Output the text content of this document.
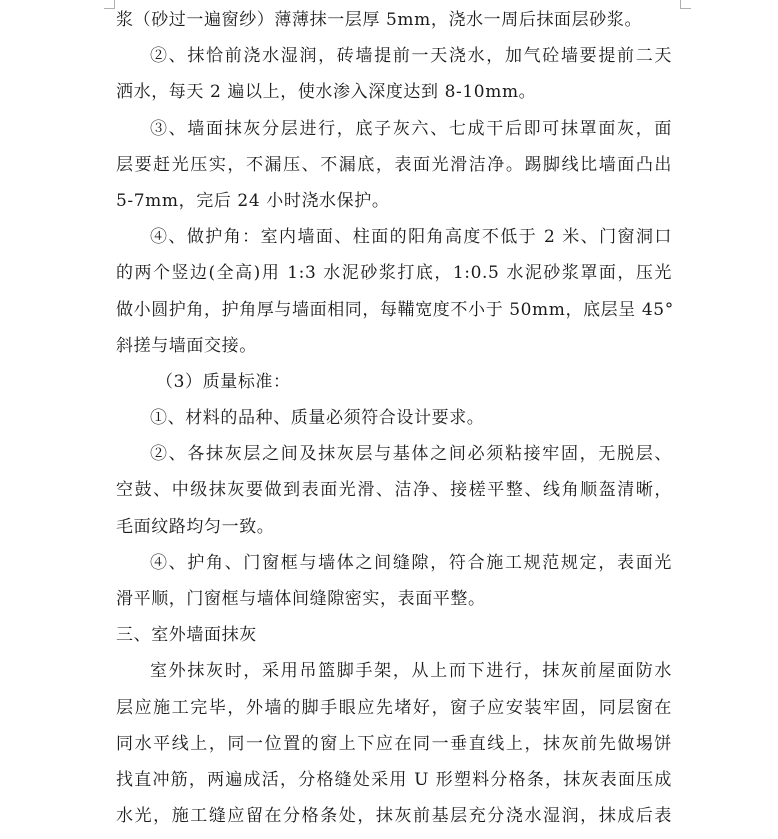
浆（砂过一遍窗纱）薄薄抹一层厚 5mm，浇水一周后抹面层砂浆。
②、抹恰前浇水湿润，砖墙提前一天浇水，加气砼墙要提前二天
洒水，每天 2 遍以上，使水渗入深度达到 8-10mm。
③、墙面抹灰分层进行，底子灰六、七成干后即可抹罩面灰，面
层要赶光压实，不漏压、不漏底，表面光滑洁净。踢脚线比墙面凸出
5-7mm，完后 24 小时浇水保护。
④、做护角：室内墙面、柱面的阳角高度不低于 2 米、门窗洞口
的两个竖边(全高)用 1:3 水泥砂浆打底，1:0.5 水泥砂浆罩面，压光
做小圆护角，护角厚与墙面相同，每鞴宽度不小于 50mm，底层呈 45°
斜搓与墙面交接。
（3）质量标准：
①、材料的品种、质量必须符合设计要求。
②、各抹灰层之间及抹灰层与基体之间必须粘接牢固，无脱层、
空鼓、中级抹灰要做到表面光滑、洁净、接槎平整、线角顺盔清晰，
毛面纹路均匀一致。
④、护角、门窗框与墙体之间缝隙，符合施工规范规定，表面光
滑平顺，门窗框与墙体间缝隙密实，表面平整。
三、室外墙面抹灰
室外抹灰时，采用吊篮脚手架，从上而下进行，抹灰前屋面防水
层应施工完毕，外墙的脚手眼应先堵好，窗子应安装牢固，同层窗在
同水平线上，同一位置的窗上下应在同一垂直线上，抹灰前先做埸饼
找直冲筋，两遍成活，分格缝处采用 U 形塑料分格条，抹灰表面压成
水光，施工缝应留在分格条处，抹灰前基层充分浇水湿润，抹成后表
